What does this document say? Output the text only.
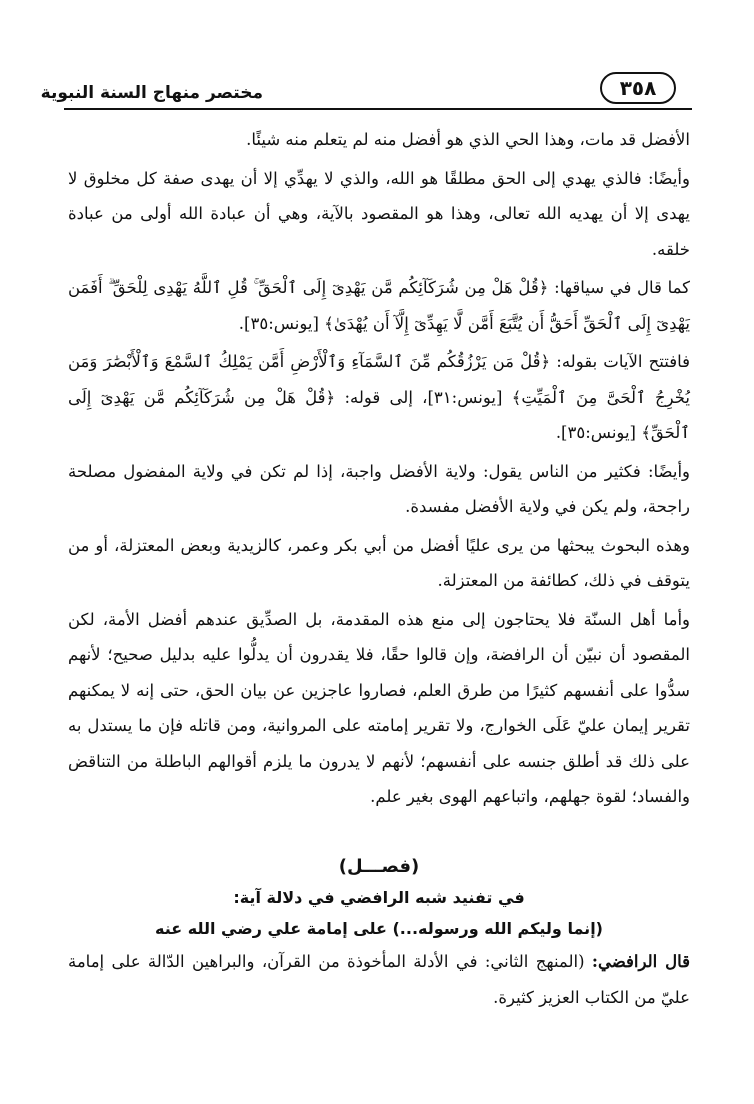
٣٥٨
مختصر منهاج السنة النبوية

الأفضل قد مات، وهذا الحي الذي هو أفضل منه لم يتعلم منه شيئًا.

وأيضًا: فالذي يهدي إلى الحق مطلقًا هو الله، والذي لا يهدِّي إلا أن يهدى صفة كل مخلوق لا يهدى إلا أن يهديه الله تعالى، وهذا هو المقصود بالآية، وهي أن عبادة الله أولى من عبادة خلقه.

كما قال في سياقها: ﴿قُلْ هَلْ مِن شُرَكَآئِكُم مَّن يَهْدِىٓ إِلَى ٱلْحَقِّ ۚ قُلِ ٱللَّهُ يَهْدِى لِلْحَقِّ ۗ أَفَمَن يَهْدِىٓ إِلَى ٱلْحَقِّ أَحَقُّ أَن يُتَّبَعَ أَمَّن لَّا يَهِدِّىٓ إِلَّآ أَن يُهْدَىٰ﴾ [يونس:٣٥].

فافتتح الآيات بقوله: ﴿قُلْ مَن يَرْزُقُكُم مِّنَ ٱلسَّمَآءِ وَٱلْأَرْضِ أَمَّن يَمْلِكُ ٱلسَّمْعَ وَٱلْأَبْصَٰرَ وَمَن يُخْرِجُ ٱلْحَىَّ مِنَ ٱلْمَيِّتِ﴾ [يونس:٣١]، إلى قوله: ﴿قُلْ هَلْ مِن شُرَكَآئِكُم مَّن يَهْدِىٓ إِلَى ٱلْحَقِّ﴾ [يونس:٣٥].

وأيضًا: فكثير من الناس يقول: ولاية الأفضل واجبة، إذا لم تكن في ولاية المفضول مصلحة راجحة، ولم يكن في ولاية الأفضل مفسدة.

وهذه البحوث يبحثها من يرى عليًا أفضل من أبي بكر وعمر، كالزيدية وبعض المعتزلة، أو من يتوقف في ذلك، كطائفة من المعتزلة.

وأما أهل السنّة فلا يحتاجون إلى منع هذه المقدمة، بل الصدِّيق عندهم أفضل الأمة، لكن المقصود أن نبيّن أن الرافضة، وإن قالوا حقًا، فلا يقدرون أن يدلُّوا عليه بدليل صحيح؛ لأنهم سدُّوا على أنفسهم كثيرًا من طرق العلم، فصاروا عاجزين عن بيان الحق، حتى إنه لا يمكنهم تقرير إيمان عليّ عَلَى الخوارج، ولا تقرير إمامته على المروانية، ومن قاتله فإن ما يستدل به على ذلك قد أطلق جنسه على أنفسهم؛ لأنهم لا يدرون ما يلزم أقوالهم الباطلة من التناقض والفساد؛ لقوة جهلهم، واتباعهم الهوى بغير علم.

(فصـــل)
في تفنيد شبه الرافضي في دلالة آية:
(إنما وليكم الله ورسوله...) على إمامة علي رضي الله عنه

قال الرافضي: (المنهج الثاني: في الأدلة المأخوذة من القرآن، والبراهين الدّالة على إمامة عليّ من الكتاب العزيز كثيرة.
